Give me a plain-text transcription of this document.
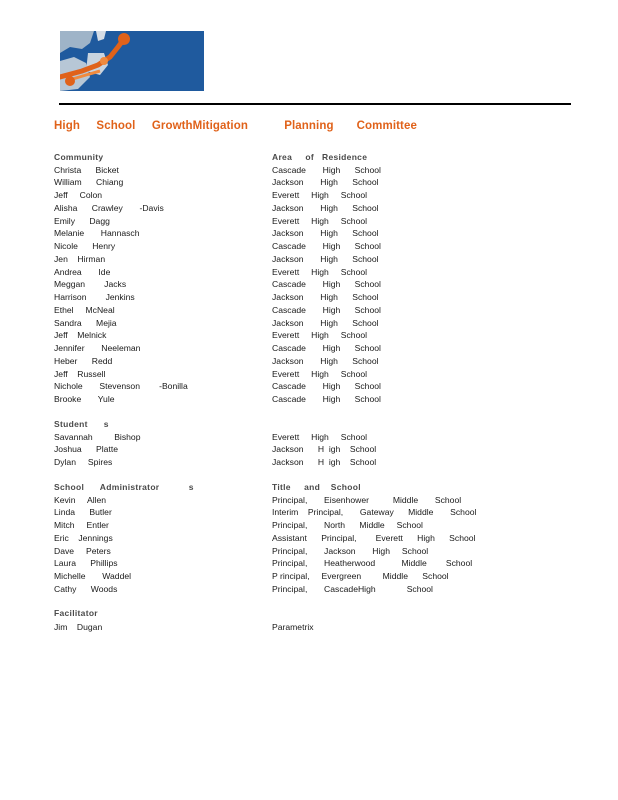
High     School     GrowthMitigation           Planning       Committee
Community	Area     of   Residence
Christa      Bicket	Cascade       High      School
William      Chiang	Jackson       High      School
Jeff     Colon	Everett     High     School
Alisha      Crawley       -Davis	Jackson       High      School
Emily      Dagg	Everett     High     School
Melanie       Hannasch	Jackson       High      School
Nicole      Henry	Cascade       High      School
Jen    Hirman	Jackson       High      School
Andrea       Ide	Everett     High     School
Meggan        Jacks	Cascade       High      School
Harrison        Jenkins	Jackson       High      School
Ethel     McNeal	Cascade       High      School
Sandra      Mejia	Jackson       High      School
Jeff    Melnick	Everett     High     School
Jennifer       Neeleman	Cascade       High      School
Heber      Redd	Jackson       High      School
Jeff    Russell	Everett     High     School
Nichole       Stevenson        -Bonilla	Cascade       High      School
Brooke       Yule	Cascade       High      School
Student      s
Savannah         Bishop	Everett     High     School
Joshua      Platte	Jackson      H  igh    School
Dylan     Spires	Jackson      H  igh    School
School      Administrator           s	Title     and    School
Kevin     Allen	Principal,       Eisenhower          Middle       School
Linda      Butler	Interim    Principal,       Gateway      Middle       School
Mitch     Entler	Principal,       North      Middle     School
Eric    Jennings	Assistant      Principal,        Everett      High      School
Dave     Peters	Principal,       Jackson       High     School
Laura      Phillips	Principal,       Heatherwood           Middle        School
Michelle       Waddel	P rincipal,     Evergreen         Middle      School
Cathy      Woods	Principal,       CascadeHigh             School
Facilitator
Jim    Dugan	Parametrix
